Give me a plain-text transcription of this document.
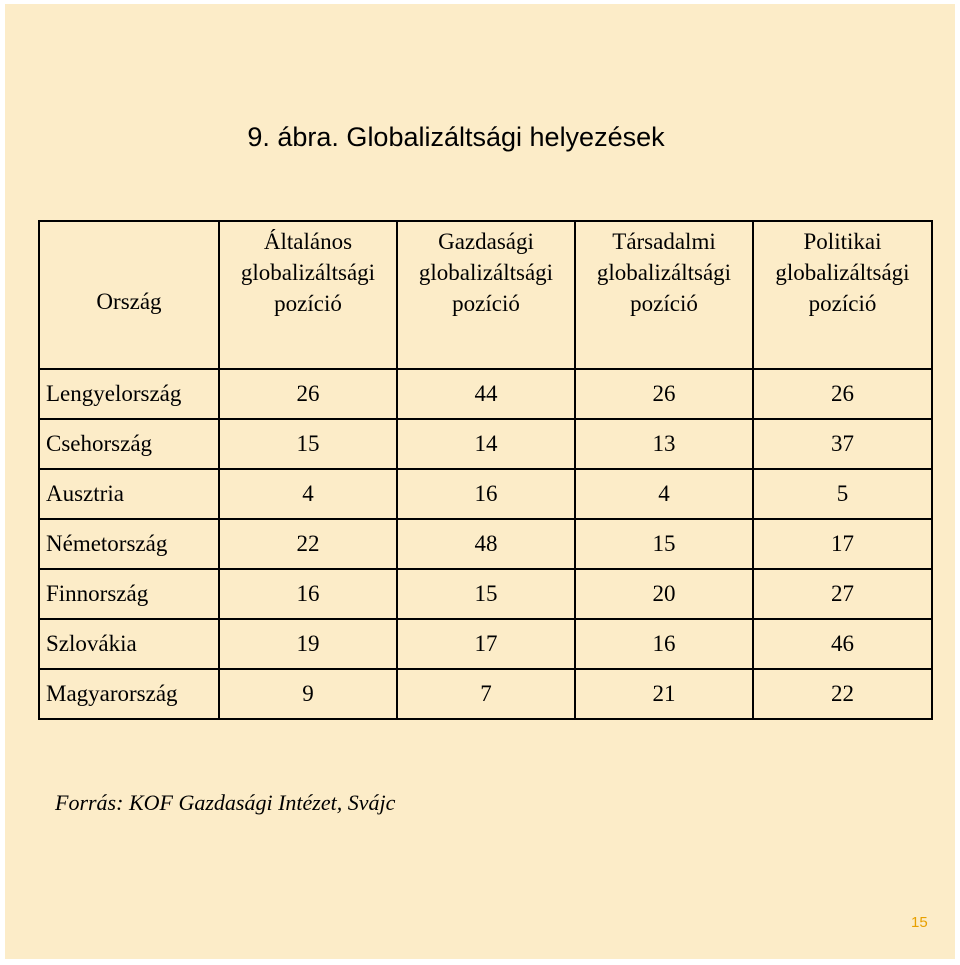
9. ábra. Globalizáltsági helyezések
Ország	Általános
globalizáltsági
pozíció	Gazdasági
globalizáltsági
pozíció	Társadalmi
globalizáltsági
pozíció	Politikai
globalizáltsági
pozíció

Lengyelország	26	44	26	26
Csehország	15	14	13	37
Ausztria	4	16	4	5
Németország	22	48	15	17
Finnország	16	15	20	27
Szlovákia	19	17	16	46
Magyarország	9	7	21	22
Forrás: KOF Gazdasági Intézet, Svájc
15
